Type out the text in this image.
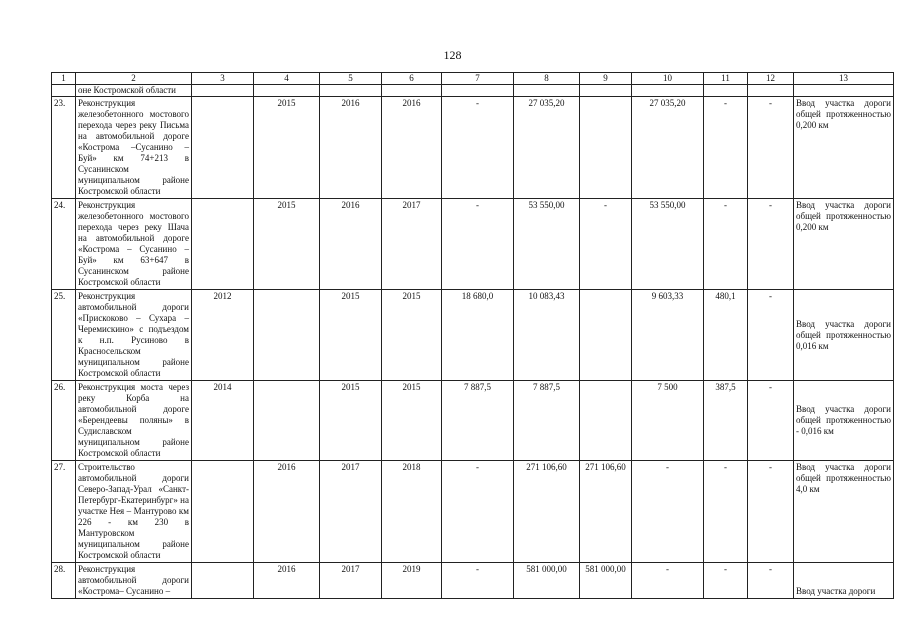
128
1	2	3	4	5	6	7	8	9	10	11	12	13
	оне Костромской области											
23.	Реконструкция железобетонного мостового перехода через реку Письма на автомобильной дороге «Кострома –Сусанино – Буй» км 74+213 в Сусанинском муниципальном районе Костромской области		2015	2016	2016	-	27 035,20		27 035,20	-	-	Ввод участка дороги общей протяженностью 0,200 км
24.	Реконструкция железобетонного мостового перехода через реку Шача на автомобильной дороге «Кострома – Сусанино –Буй» км 63+647 в Сусанинском районе Костромской области		2015	2016	2017	-	53 550,00	-	53 550,00	-	-	Ввод участка дороги общей протяженностью 0,200 км
25.	Реконструкция автомобильной дороги «Прискоково – Сухара – Черемискино» с подъездом к н.п. Русиново в Красносельском муниципальном районе Костромской области	2012		2015	2015	18 680,0	10 083,43		9 603,33	480,1	-	Ввод участка дороги общей протяженностью 0,016 км
26.	Реконструкция моста через реку Корба на автомобильной дороге «Берендеевы поляны» в Судиславском муниципальном районе Костромской области	2014		2015	2015	7 887,5	7 887,5		7 500	387,5	-	Ввод участка дороги общей протяженностью - 0,016 км
27.	Строительство автомобильной дороги Северо-Запад-Урал «Санкт-Петербург-Екатеринбург» на участке Нея – Мантурово км 226 - км 230 в Мантуровском муниципальном районе Костромской области		2016	2017	2018	-	271 106,60	271 106,60	-	-	-	Ввод участка дороги общей протяженностью 4,0 км
28.	Реконструкция автомобильной дороги «Кострома– Сусанино –		2016	2017	2019	-	581 000,00	581 000,00	-	-	-	Ввод участка дороги
